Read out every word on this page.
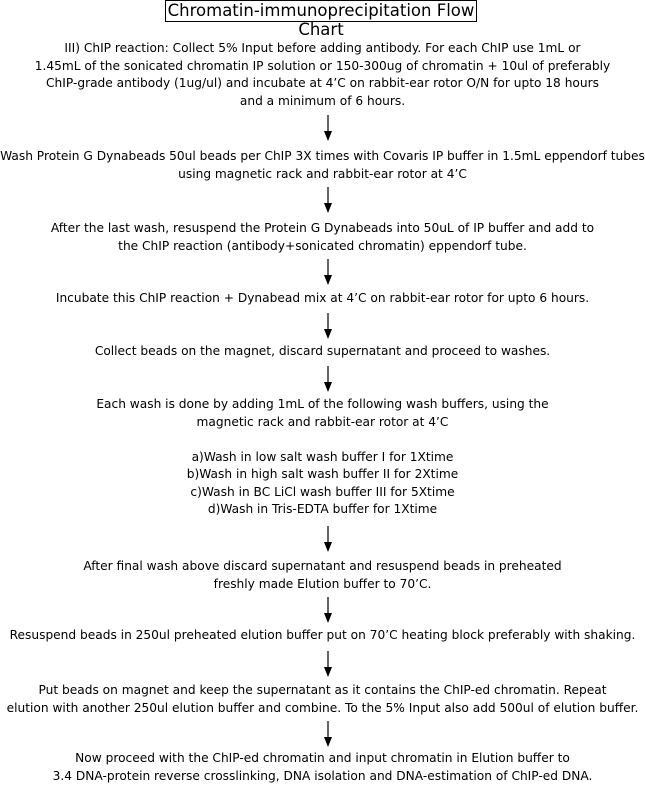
Chromatin-immunoprecipitation Flow Chart
III) ChIP reaction: Collect 5% Input before adding antibody. For each ChIP use 1mL or
1.45mL of the sonicated chromatin IP solution or 150-300ug of chromatin + 10ul of preferably
ChIP-grade antibody (1ug/ul) and incubate at 4’C on rabbit-ear rotor O/N for upto 18 hours
and a minimum of 6 hours.
Wash Protein G Dynabeads 50ul beads per ChIP 3X times with Covaris IP buffer in 1.5mL eppendorf tubes
using magnetic rack and rabbit-ear rotor at 4’C
After the last wash, resuspend the Protein G Dynabeads into 50uL of IP buffer and add to
the ChIP reaction (antibody+sonicated chromatin) eppendorf tube.
Incubate this ChIP reaction + Dynabead mix at 4’C on rabbit-ear rotor for upto 6 hours.
Collect beads on the magnet, discard supernatant and proceed to washes.
Each wash is done by adding 1mL of the following wash buffers, using the
magnetic rack and rabbit-ear rotor at 4’C
a)Wash in low salt wash buffer I for 1Xtime
b)Wash in high salt wash buffer II for 2Xtime
c)Wash in BC LiCl wash buffer III for 5Xtime
d)Wash in Tris-EDTA buffer for 1Xtime
After final wash above discard supernatant and resuspend beads in preheated
freshly made Elution buffer to 70’C.
Resuspend beads in 250ul preheated elution buffer put on 70’C heating block preferably with shaking.
Put beads on magnet and keep the supernatant as it contains the ChIP-ed chromatin. Repeat
elution with another 250ul elution buffer and combine. To the 5% Input also add 500ul of elution buffer.
Now proceed with the ChIP-ed chromatin and input chromatin in Elution buffer to
3.4 DNA-protein reverse crosslinking, DNA isolation and DNA-estimation of ChIP-ed DNA.
